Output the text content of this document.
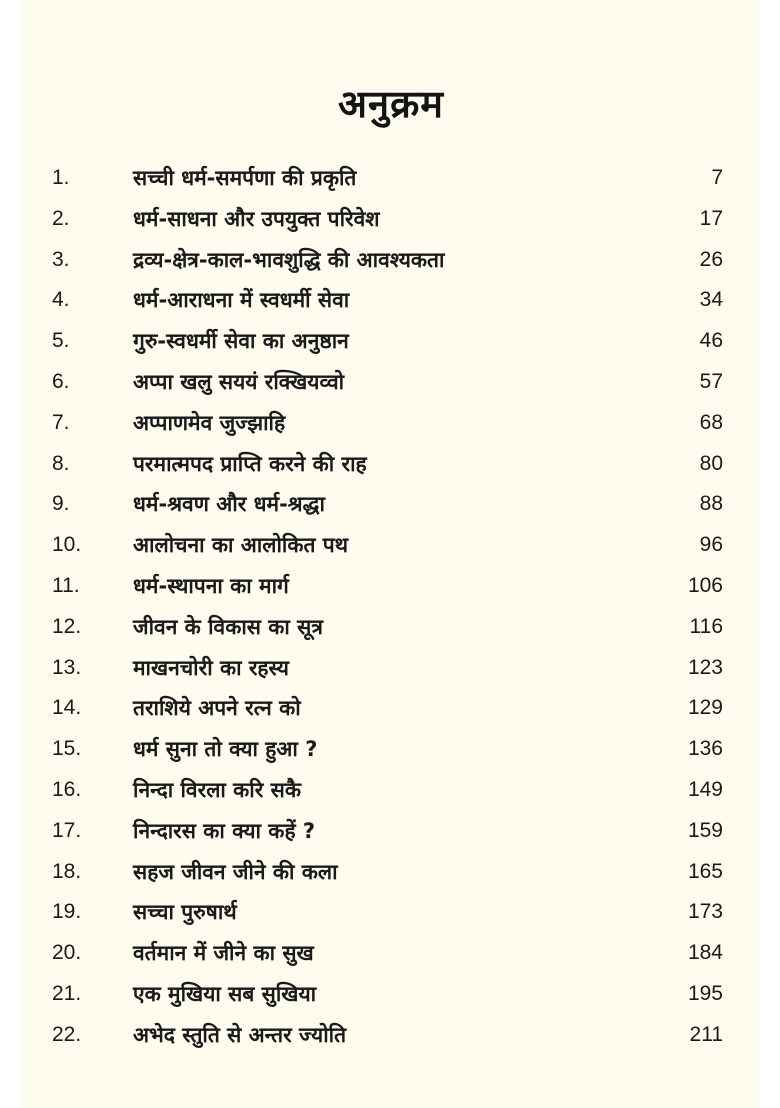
अनुक्रम
1.	सच्ची धर्म-समर्पणा की प्रकृति	7
2.	धर्म-साधना और उपयुक्त परिवेश	17
3.	द्रव्य-क्षेत्र-काल-भावशुद्धि की आवश्यकता	26
4.	धर्म-आराधना में स्वधर्मी सेवा	34
5.	गुरु-स्वधर्मी सेवा का अनुष्ठान	46
6.	अप्पा खलु सययं रक्खियव्वो	57
7.	अप्पाणमेव जुज्झाहि	68
8.	परमात्मपद प्राप्ति करने की राह	80
9.	धर्म-श्रवण और धर्म-श्रद्धा	88
10. आलोचना का आलोकित पथ	96
11.	धर्म-स्थापना का मार्ग	106
12. जीवन के विकास का सूत्र	116
13. माखनचोरी का रहस्य	123
14. तराशिये अपने रत्न को	129
15. धर्म सुना तो क्या हुआ ?	136
16. निन्दा विरला करि सकै	149
17. निन्दारस का क्या कहें ?	159
18. सहज जीवन जीने की कला	165
19. सच्चा पुरुषार्थ	173
20. वर्तमान में जीने का सुख	184
21. एक मुखिया सब सुखिया	195
22. अभेद स्तुति से अन्तर ज्योति	211
